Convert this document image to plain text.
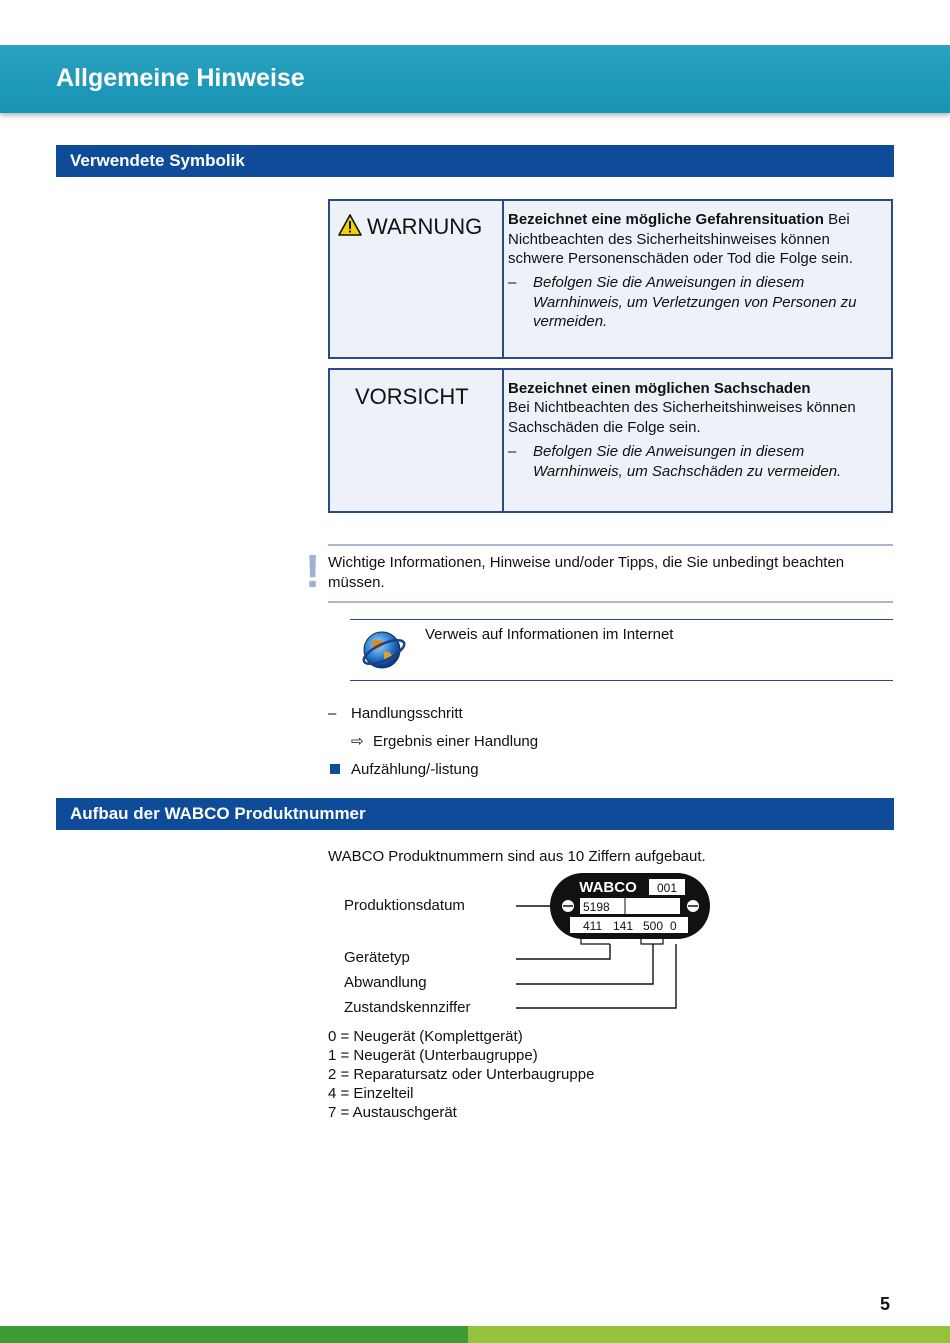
Allgemeine Hinweise
Verwendete Symbolik
WARNUNG Bezeichnet eine mögliche Gefahrensituation Bei Nichtbeachten des Sicherheitshinweises können schwere Personenschäden oder Tod die Folge sein.
– Befolgen Sie die Anweisungen in diesem Warnhinweis, um Verletzungen von Personen zu vermeiden.
VORSICHT	Bezeichnet einen möglichen Sachschaden
Bei Nichtbeachten des Sicherheitshinweises können Sachschäden die Folge sein.
– Befolgen Sie die Anweisungen in diesem Warnhinweis, um Sachschäden zu vermeiden.
! Wichtige Informationen, Hinweise und/oder Tipps, die Sie unbedingt beachten müssen.
Verweis auf Informationen im Internet
– Handlungsschritt
⇨ Ergebnis einer Handlung
Aufzählung/-listung
Aufbau der WABCO Produktnummer
WABCO Produktnummern sind aus 10 Ziffern aufgebaut.
Produktionsdatum
Gerätetyp
Abwandlung
Zustandskennziffer
WABCO 001
5198
411 141 500 0
0 = Neugerät (Komplettgerät)
1 = Neugerät (Unterbaugruppe)
2 = Reparatursatz oder Unterbaugruppe
4 = Einzelteil
7 = Austauschgerät
5
